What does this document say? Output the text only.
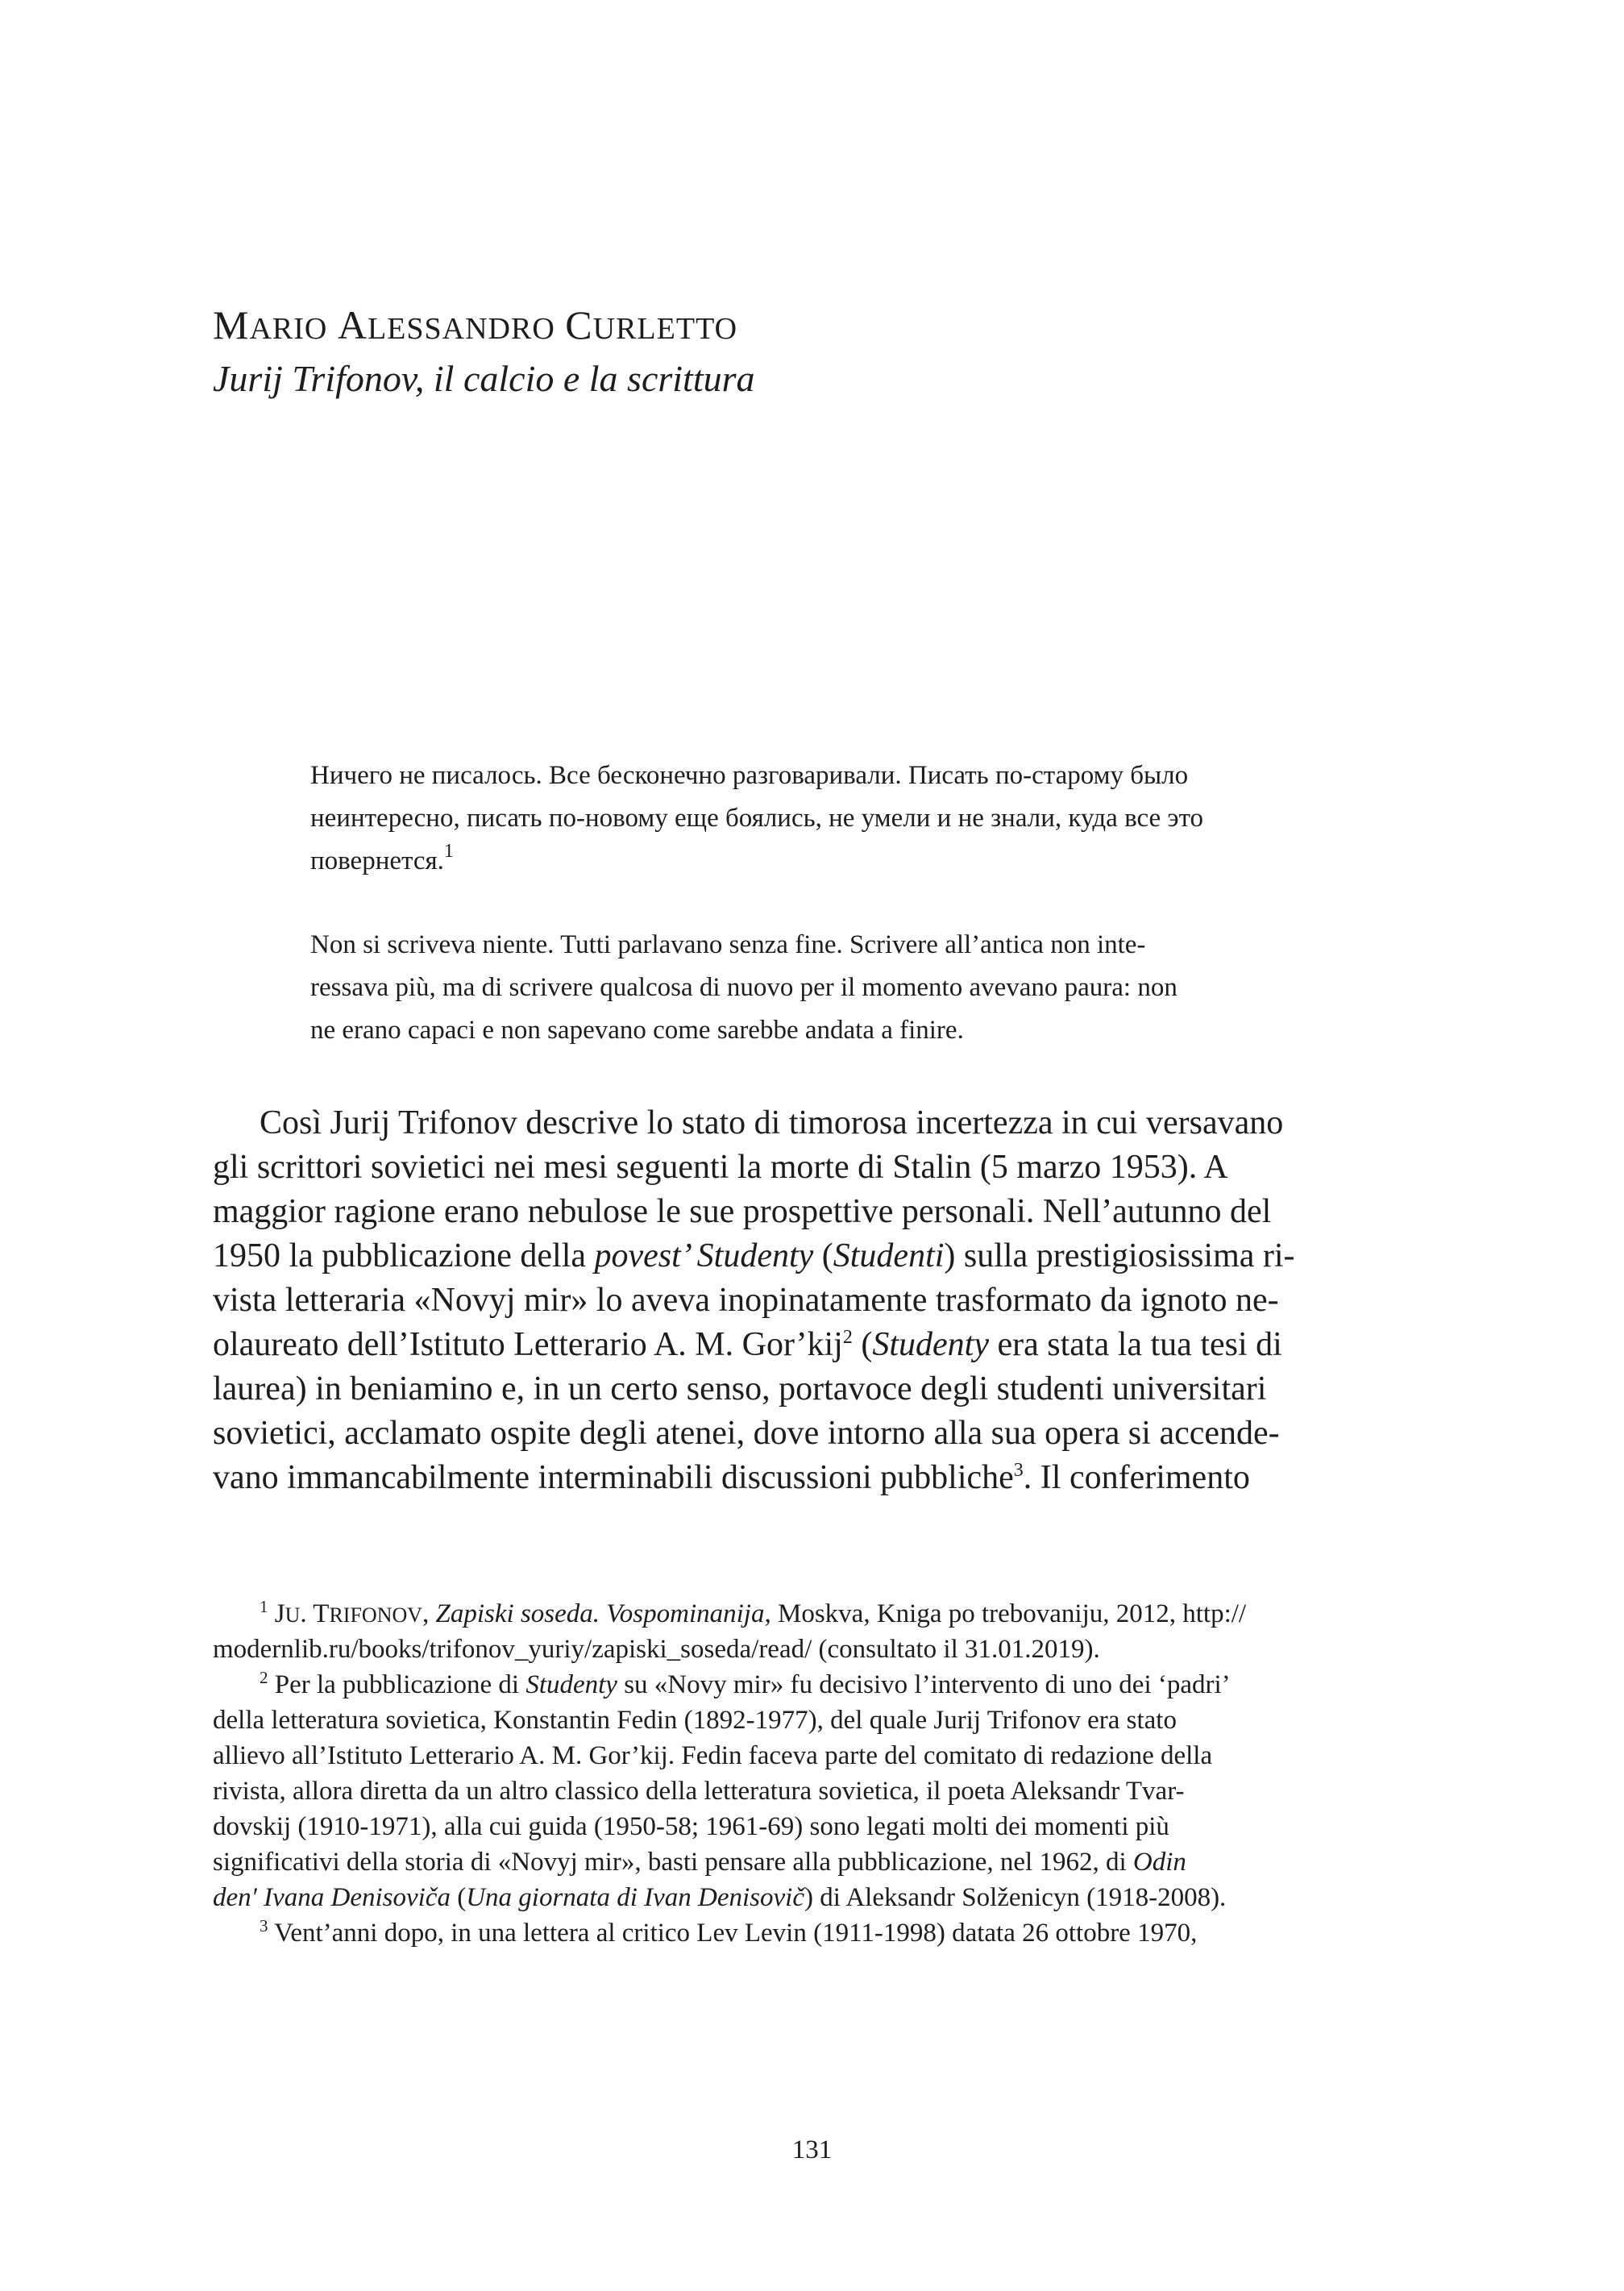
MARIO ALESSANDRO CURLETTO
Jurij Trifonov, il calcio e la scrittura
Ничего не писалось. Все бесконечно разговаривали. Писать по-старому было
неинтересно, писать по-новому еще боялись, не умели и не знали, куда все это
повернется.$^1$
Non si scriveva niente. Tutti parlavano senza fine. Scrivere all’antica non inte-
ressava più, ma di scrivere qualcosa di nuovo per il momento avevano paura: non
ne erano capaci e non sapevano come sarebbe andata a finire.
Così Jurij Trifonov descrive lo stato di timorosa incertezza in cui versavano
gli scrittori sovietici nei mesi seguenti la morte di Stalin (5 marzo 1953). A
maggior ragione erano nebulose le sue prospettive personali. Nell’autunno del
1950 la pubblicazione della povest’ Studenty (Studenti) sulla prestigiosissima ri-
vista letteraria «Novyj mir» lo aveva inopinatamente trasformato da ignoto ne-
olaureato dell’Istituto Letterario A. M. Gor’kij$^2$ (Studenty era stata la tua tesi di
laurea) in beniamino e, in un certo senso, portavoce degli studenti universitari
sovietici, acclamato ospite degli atenei, dove intorno alla sua opera si accende-
vano immancabilmente interminabili discussioni pubbliche$^3$. Il conferimento
$^1$ JU. TRIFONOV, Zapiski soseda. Vospominanija, Moskva, Kniga po trebovaniju, 2012, http://
modernlib.ru/books/trifonov_yuriy/zapiski_soseda/read/ (consultato il 31.01.2019).
$^2$ Per la pubblicazione di Studenty su «Novy mir» fu decisivo l’intervento di uno dei ‘padri’
della letteratura sovietica, Konstantin Fedin (1892-1977), del quale Jurij Trifonov era stato
allievo all’Istituto Letterario A. M. Gor’kij. Fedin faceva parte del comitato di redazione della
rivista, allora diretta da un altro classico della letteratura sovietica, il poeta Aleksandr Tvar-
dovskij (1910-1971), alla cui guida (1950-58; 1961-69) sono legati molti dei momenti più
significativi della storia di «Novyj mir», basti pensare alla pubblicazione, nel 1962, di Odin
den′ Ivana Denisoviča (Una giornata di Ivan Denisovič) di Aleksandr Solženicyn (1918-2008).
$^3$ Vent’anni dopo, in una lettera al critico Lev Levin (1911-1998) datata 26 ottobre 1970,
131
